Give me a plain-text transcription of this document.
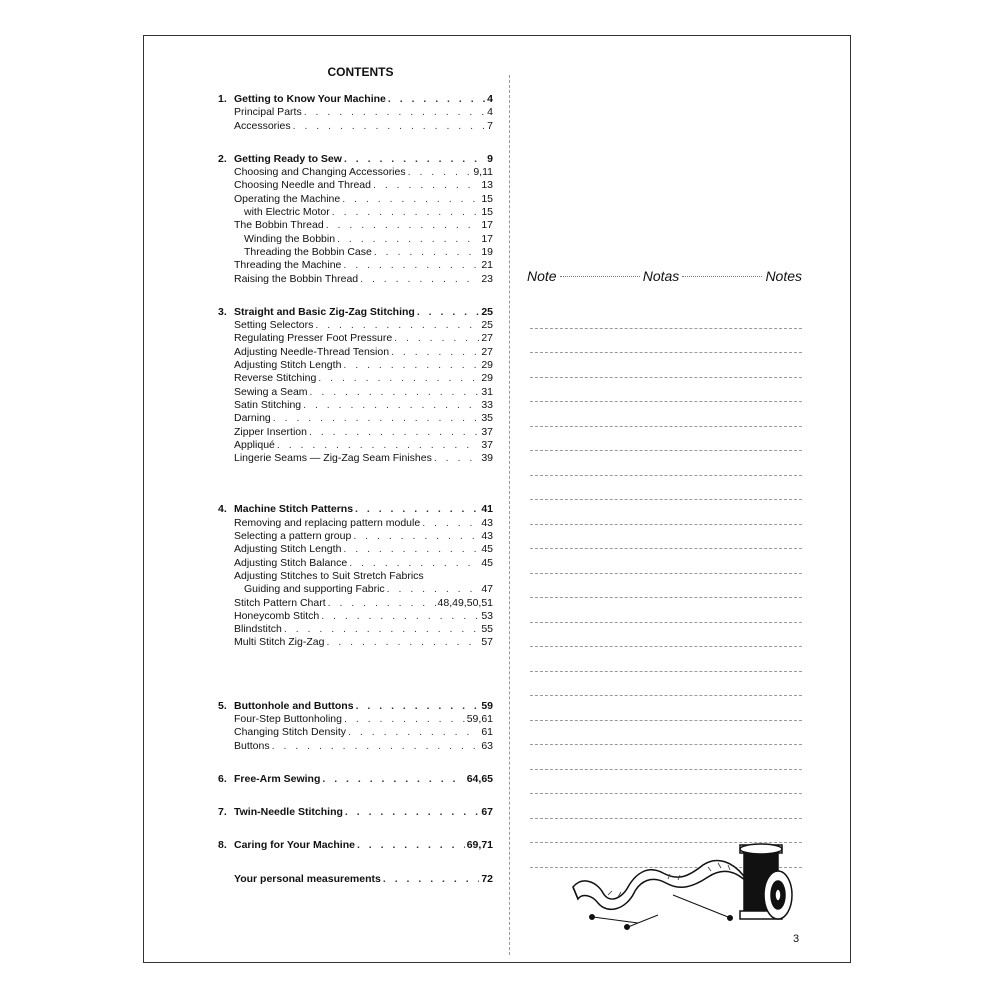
CONTENTS
1. Getting to Know Your Machine . . .	4
Principal Parts . . .	4
Accessories . . .	7
2. Getting Ready to Sew . . .	9
Choosing and Changing Accessories . . .	9,11
Choosing Needle and Thread . . .	13
Operating the Machine . . .	15
with Electric Motor . . .	15
The Bobbin Thread . . .	17
Winding the Bobbin . . .	17
Threading the Bobbin Case . . .	19
Threading the Machine . . .	21
Raising the Bobbin Thread . . .	23
3. Straight and Basic Zig-Zag Stitching . . .	25
Setting Selectors . . .	25
Regulating Presser Foot Pressure . . .	27
Adjusting Needle-Thread Tension . . .	27
Adjusting Stitch Length . . .	29
Reverse Stitching . . .	29
Sewing a Seam . . .	31
Satin Stitching . . .	33
Darning . . .	35
Zipper Insertion . . .	37
Appliqué . . .	37
Lingerie Seams — Zig-Zag Seam Finishes . . .	39
4. Machine Stitch Patterns . . .	41
Removing and replacing pattern module . . .	43
Selecting a pattern group . . .	43
Adjusting Stitch Length . . .	45
Adjusting Stitch Balance . . .	45
Adjusting Stitches to Suit Stretch Fabrics
Guiding and supporting Fabric . . .	47
Stitch Pattern Chart . . .	48,49,50,51
Honeycomb Stitch . . .	53
Blindstitch . . .	55
Multi Stitch Zig-Zag . . .	57
5. Buttonhole and Buttons . . .	59
Four-Step Buttonholing . . .	59,61
Changing Stitch Density . . .	61
Buttons . . .	63
6. Free-Arm Sewing . . .	64,65
7. Twin-Needle Stitching . . .	67
8. Caring for Your Machine . . .	69,71
Your personal measurements . . .	72
Note	Notas	Notes
3
